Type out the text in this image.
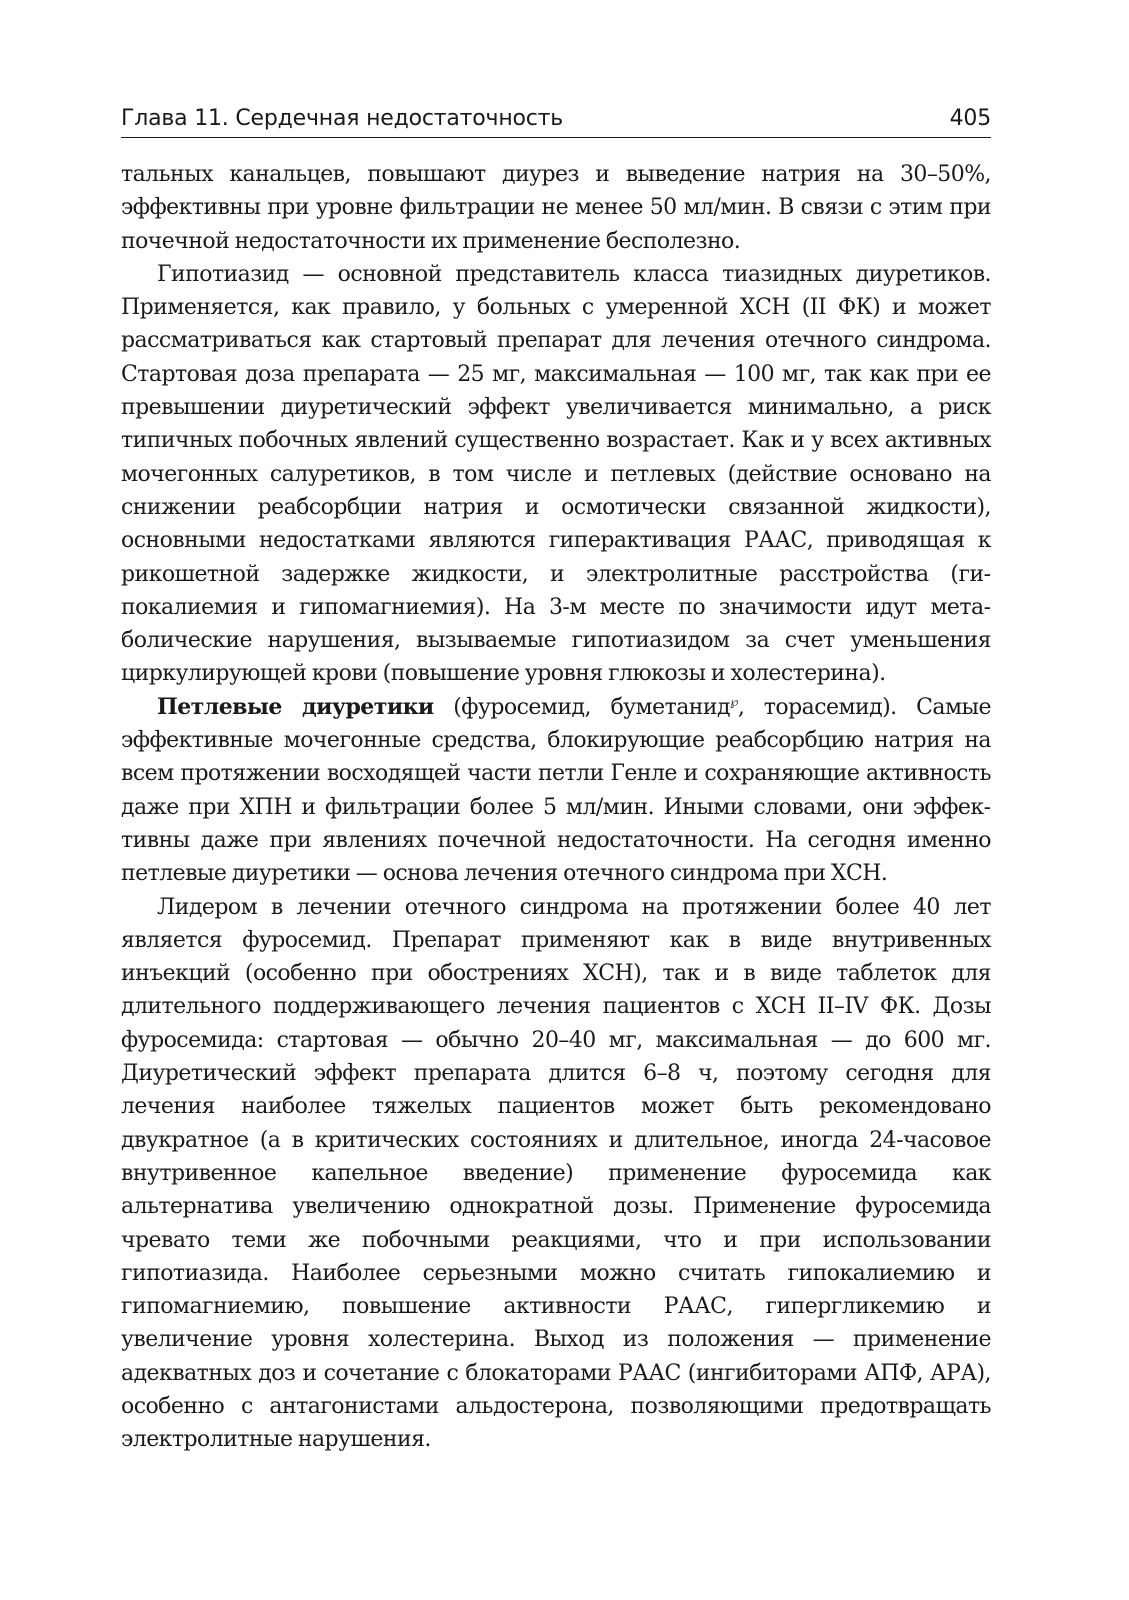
Глава 11. Сердечная недостаточность	405

тальных канальцев, повышают диурез и выведение натрия на 30–50%, эффективны при уровне фильтрации не менее 50 мл/мин. В связи с этим при почечной недостаточности их применение бесполезно.

Гипотиазид — основной представитель класса тиазидных диуретиков. Применяется, как правило, у больных с умеренной ХСН (II ФК) и может рассматриваться как стартовый препарат для лечения отечного синдрома. Стартовая доза препарата — 25 мг, максимальная — 100 мг, так как при ее превышении диуретический эффект увеличивается минимально, а риск типичных побочных явлений существенно возрастает. Как и у всех активных мочегонных салуретиков, в том числе и петлевых (действие основано на снижении реабсорбции натрия и осмотически связанной жидкости), основными недостатками являются гиперактивация РААС, приводящая к рикошетной задержке жидкости, и электролитные расстройства (гипокалиемия и гипомагниемия). На 3-м месте по значимости идут метаболические нарушения, вызываемые гипотиазидом за счет уменьшения циркулирующей крови (повышение уровня глюкозы и холестерина).

Петлевые диуретики (фуросемид, буметанид℘, торасемид). Самые эффективные мочегонные средства, блокирующие реабсорбцию натрия на всем протяжении восходящей части петли Генле и сохраняющие активность даже при ХПН и фильтрации более 5 мл/мин. Иными словами, они эффективны даже при явлениях почечной недостаточности. На сегодня именно петлевые диуретики — основа лечения отечного синдрома при ХСН.

Лидером в лечении отечного синдрома на протяжении более 40 лет является фуросемид. Препарат применяют как в виде внутривенных инъекций (особенно при обострениях ХСН), так и в виде таблеток для длительного поддерживающего лечения пациентов с ХСН II–IV ФК. Дозы фуросемида: стартовая — обычно 20–40 мг, максимальная — до 600 мг. Диуретический эффект препарата длится 6–8 ч, поэтому сегодня для лечения наиболее тяжелых пациентов может быть рекомендовано двукратное (а в критических состояниях и длительное, иногда 24-часовое внутривенное капельное введение) применение фуросемида как альтернатива увеличению однократной дозы. Применение фуросемида чревато теми же побочными реакциями, что и при использовании гипотиазида. Наиболее серьезными можно считать гипокалиемию и гипомагниемию, повышение активности РААС, гипергликемию и увеличение уровня холестерина. Выход из положения — применение адекватных доз и сочетание с блокаторами РААС (ингибиторами АПФ, АРА), особенно с антагонистами альдостерона, позволяющими предотвращать электролитные нарушения.
